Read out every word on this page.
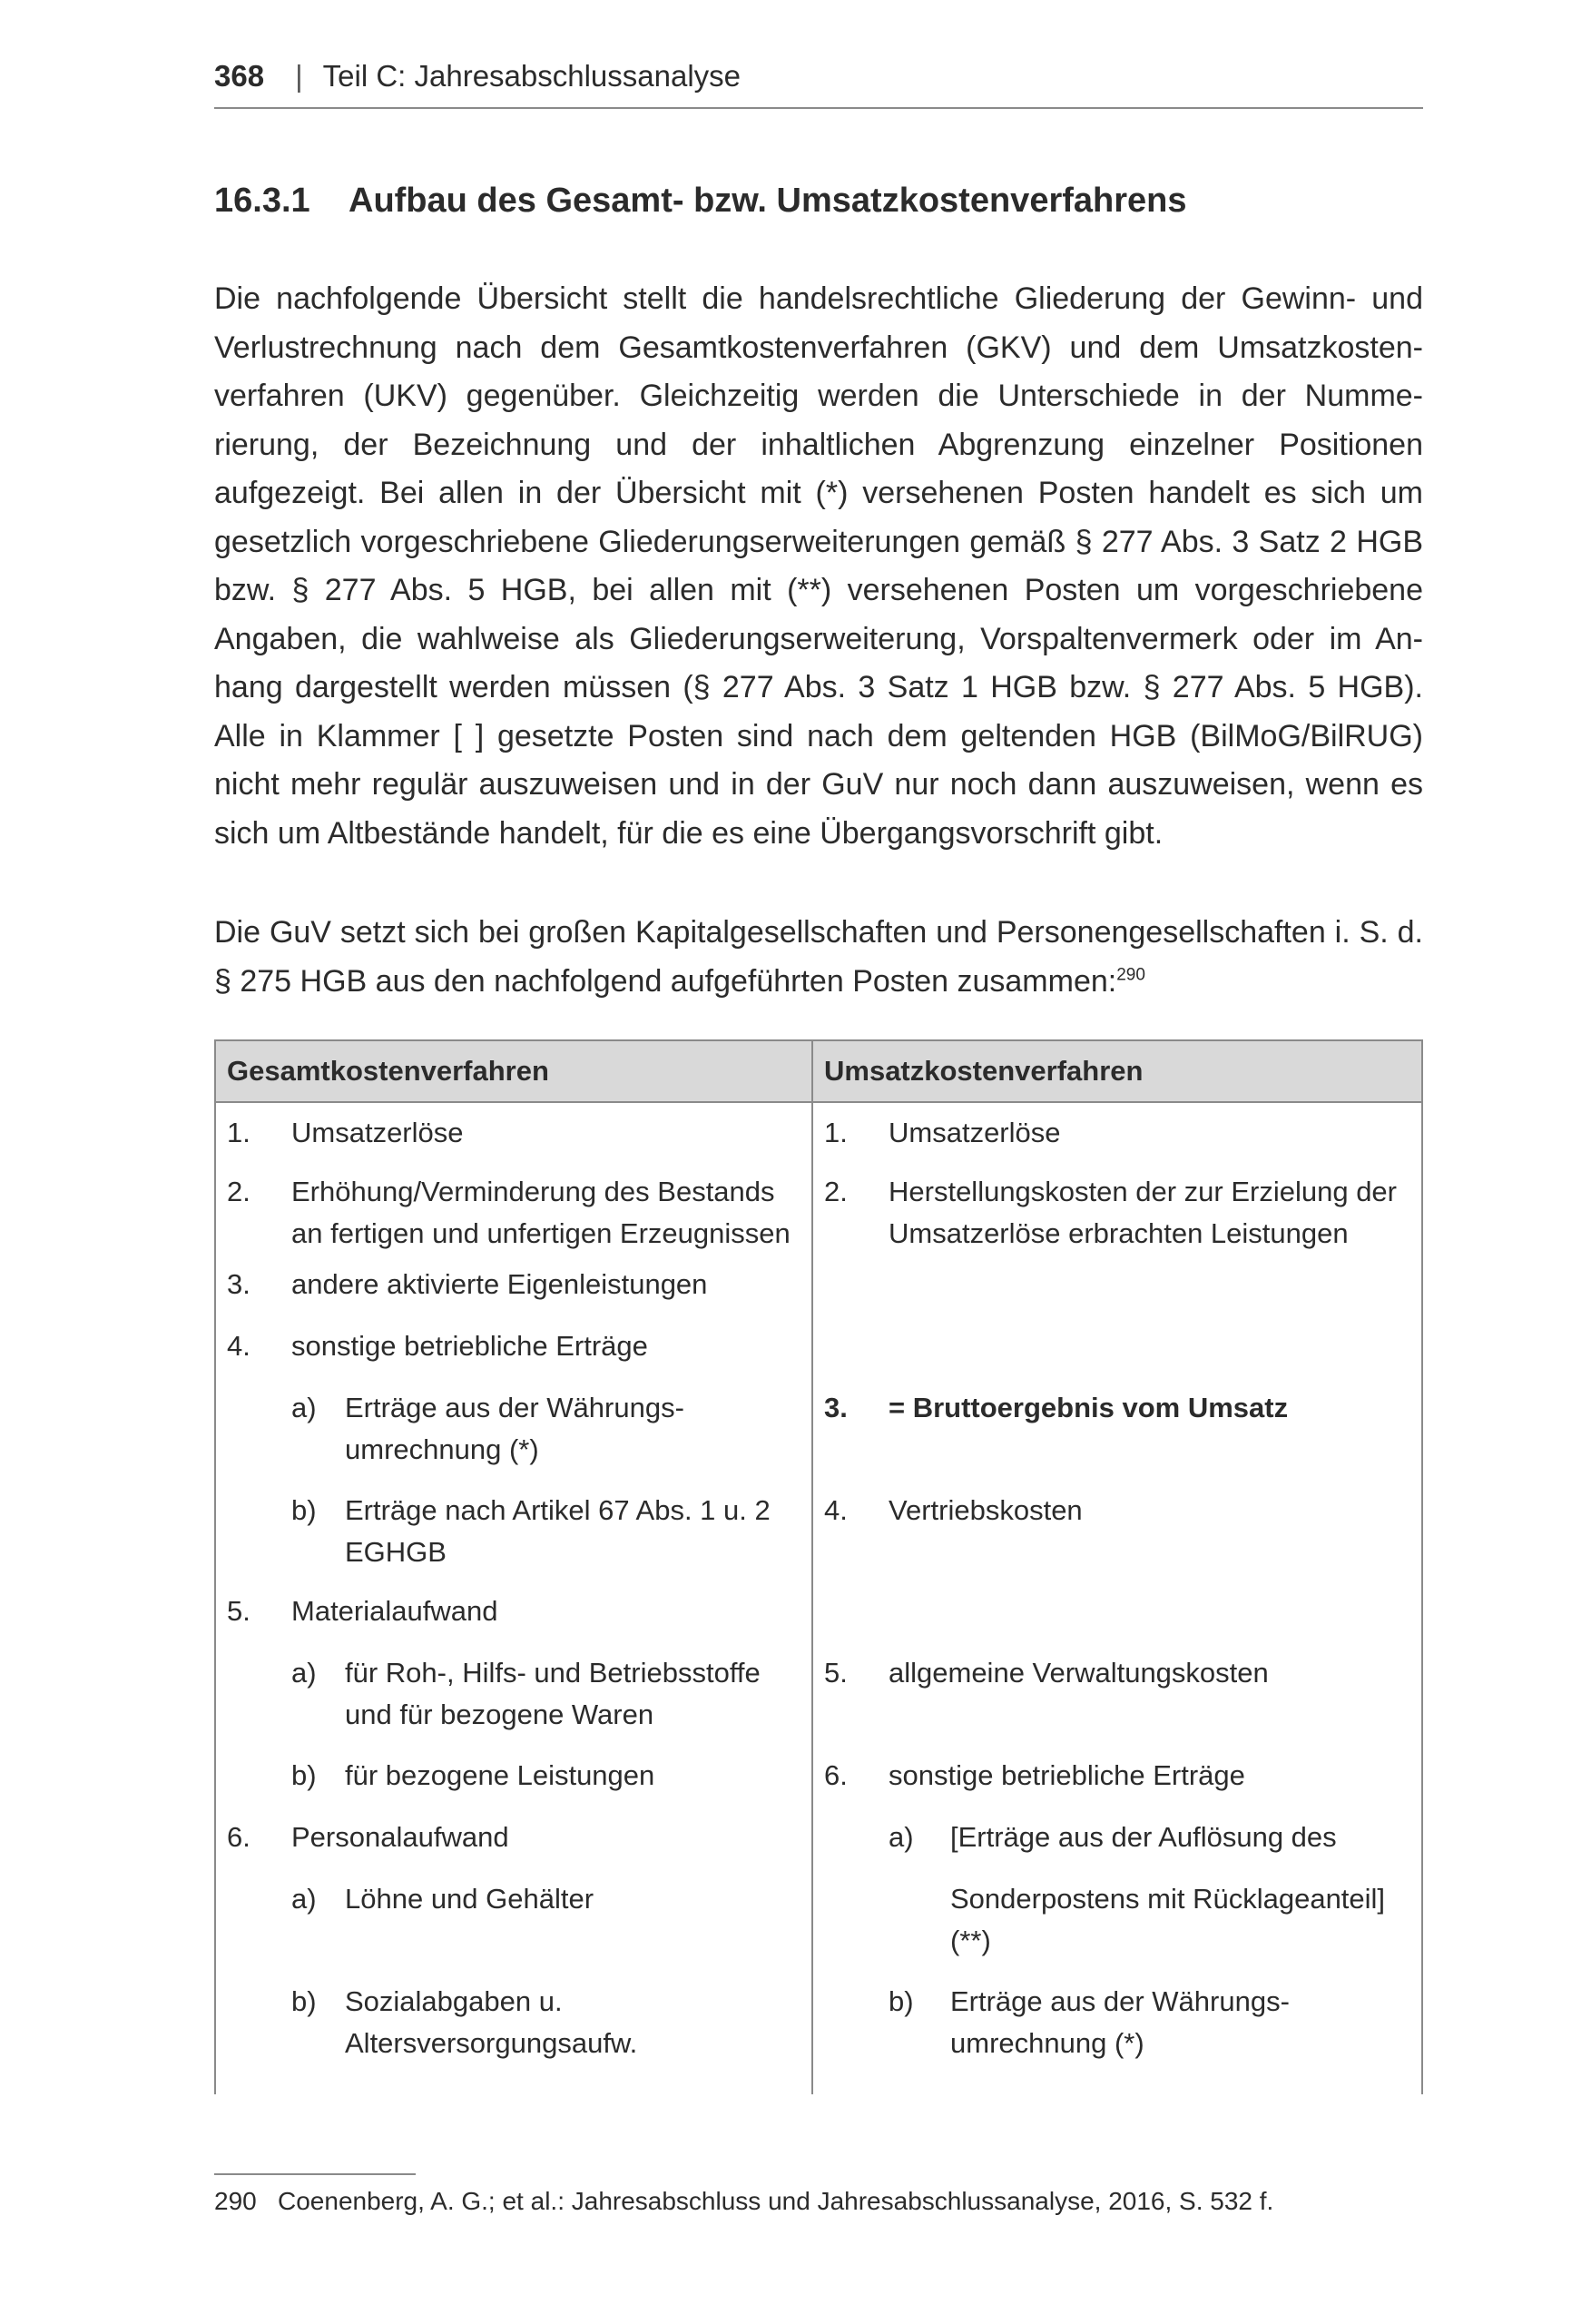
368 | Teil C: Jahresabschlussanalyse
16.3.1 Aufbau des Gesamt- bzw. Umsatzkostenverfahrens

Die nachfolgende Übersicht stellt die handelsrechtliche Gliederung der Gewinn- und Verlustrechnung nach dem Gesamtkostenverfahren (GKV) und dem Umsatzkosten-verfahren (UKV) gegenüber. Gleichzeitig werden die Unterschiede in der Numme-rierung, der Bezeichnung und der inhaltlichen Abgrenzung einzelner Positionen aufgezeigt. Bei allen in der Übersicht mit (*) versehenen Posten handelt es sich um gesetzlich vorgeschriebene Gliederungserweiterungen gemäß § 277 Abs. 3 Satz 2 HGB bzw. § 277 Abs. 5 HGB, bei allen mit (**) versehenen Posten um vorgeschriebene Angaben, die wahlweise als Gliederungserweiterung, Vorspaltenvermerk oder im An-hang dargestellt werden müssen (§ 277 Abs. 3 Satz 1 HGB bzw. § 277 Abs. 5 HGB). Alle in Klammer [ ] gesetzte Posten sind nach dem geltenden HGB (BilMoG/BilRUG) nicht mehr regulär auszuweisen und in der GuV nur noch dann auszuweisen, wenn es sich um Altbestände handelt, für die es eine Übergangsvorschrift gibt.

Die GuV setzt sich bei großen Kapitalgesellschaften und Personengesellschaften i. S. d. § 275 HGB aus den nachfolgend aufgeführten Posten zusammen:$^{290}$

Gesamtkostenverfahren	Umsatzkostenverfahren
1. Umsatzerlöse
2. Erhöhung/Verminderung des Bestands
an fertigen und unfertigen Erzeugnissen
3. andere aktivierte Eigenleistungen
4. sonstige betriebliche Erträge
a) Erträge aus der Währungs-
umrechnung (*)
b) Erträge nach Artikel 67 Abs. 1 u. 2
EGHGB
5. Materialaufwand
a) für Roh-, Hilfs- und Betriebsstoffe
und für bezogene Waren
b) für bezogene Leistungen
6. Personalaufwand
a) Löhne und Gehälter
b) Sozialabgaben u.
Altersversorgungsaufw.
1. Umsatzerlöse
2. Herstellungskosten der zur Erzielung der
Umsatzerlöse erbrachten Leistungen
3. = Bruttoergebnis vom Umsatz
4. Vertriebskosten
5. allgemeine Verwaltungskosten
6. sonstige betriebliche Erträge
a) [Erträge aus der Auflösung des
Sonderpostens mit Rücklageanteil]
(**)
b) Erträge aus der Währungs-
umrechnung (*)
290 Coenenberg, A. G.; et al.: Jahresabschluss und Jahresabschlussanalyse, 2016, S. 532 f.
